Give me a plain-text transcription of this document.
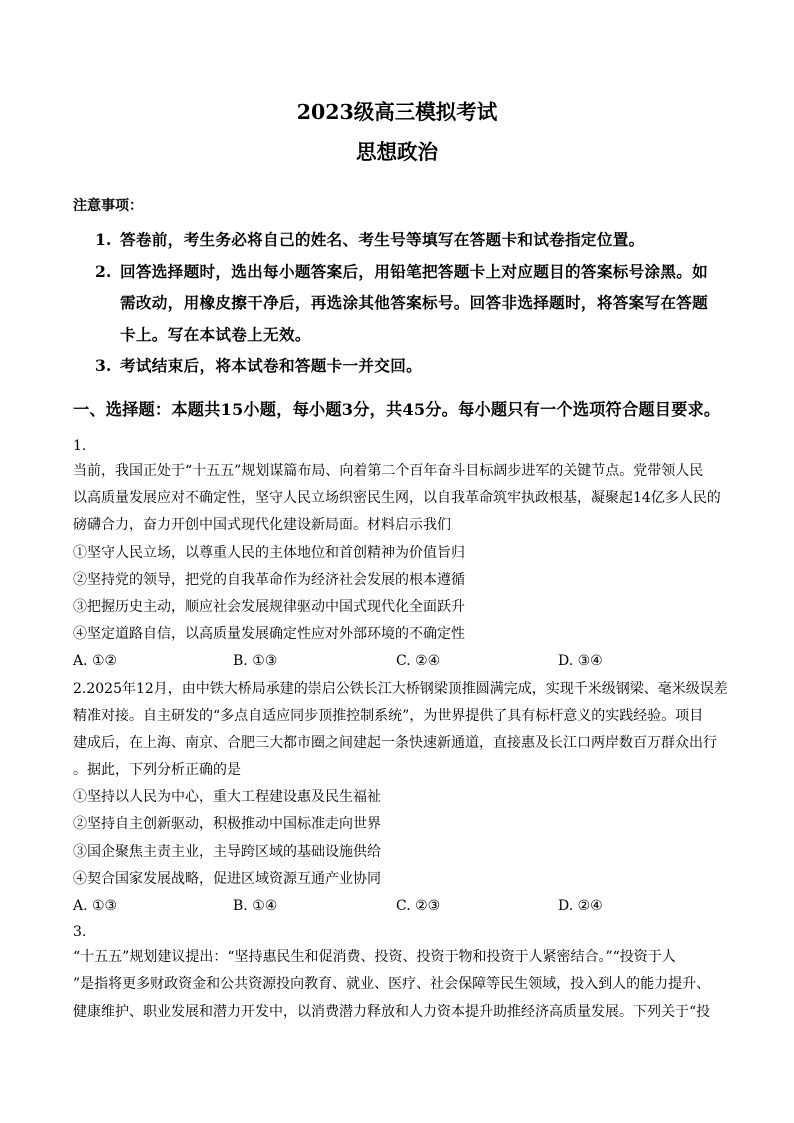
2023级高三模拟考试
思想政治
注意事项：
1. 答卷前，考生务必将自己的姓名、考生号等填写在答题卡和试卷指定位置。
2. 回答选择题时，选出每小题答案后，用铅笔把答题卡上对应题目的答案标号涂黑。如
需改动，用橡皮擦干净后，再选涂其他答案标号。回答非选择题时，将答案写在答题
卡上。写在本试卷上无效。
3. 考试结束后，将本试卷和答题卡一并交回。
一、选择题：本题共15小题，每小题3分，共45分。每小题只有一个选项符合题目要求。
1.
当前，我国正处于“十五五”规划谋篇布局、向着第二个百年奋斗目标阔步进军的关键节点。党带领人民
以高质量发展应对不确定性，坚守人民立场织密民生网，以自我革命筑牢执政根基，凝聚起14亿多人民的
磅礴合力，奋力开创中国式现代化建设新局面。材料启示我们
①坚守人民立场，以尊重人民的主体地位和首创精神为价值旨归
②坚持党的领导，把党的自我革命作为经济社会发展的根本遵循
③把握历史主动，顺应社会发展规律驱动中国式现代化全面跃升
④坚定道路自信，以高质量发展确定性应对外部环境的不确定性
A. ①②	B. ①③	C. ②④	D. ③④
2.2025年12月，由中铁大桥局承建的崇启公铁长江大桥钢梁顶推圆满完成，实现千米级钢梁、毫米级误差
精准对接。自主研发的“多点自适应同步顶推控制系统”，为世界提供了具有标杆意义的实践经验。项目
建成后，在上海、南京、合肥三大都市圈之间建起一条快速新通道，直接惠及长江口两岸数百万群众出行
。据此，下列分析正确的是
①坚持以人民为中心，重大工程建设惠及民生福祉
②坚持自主创新驱动，积极推动中国标准走向世界
③国企聚焦主责主业，主导跨区域的基础设施供给
④契合国家发展战略，促进区域资源互通产业协同
A. ①③	B. ①④	C. ②③	D. ②④
3.
“十五五”规划建议提出：“坚持惠民生和促消费、投资、投资于物和投资于人紧密结合。”“投资于人
”是指将更多财政资金和公共资源投向教育、就业、医疗、社会保障等民生领域，投入到人的能力提升、
健康维护、职业发展和潜力开发中，以消费潜力释放和人力资本提升助推经济高质量发展。下列关于“投
